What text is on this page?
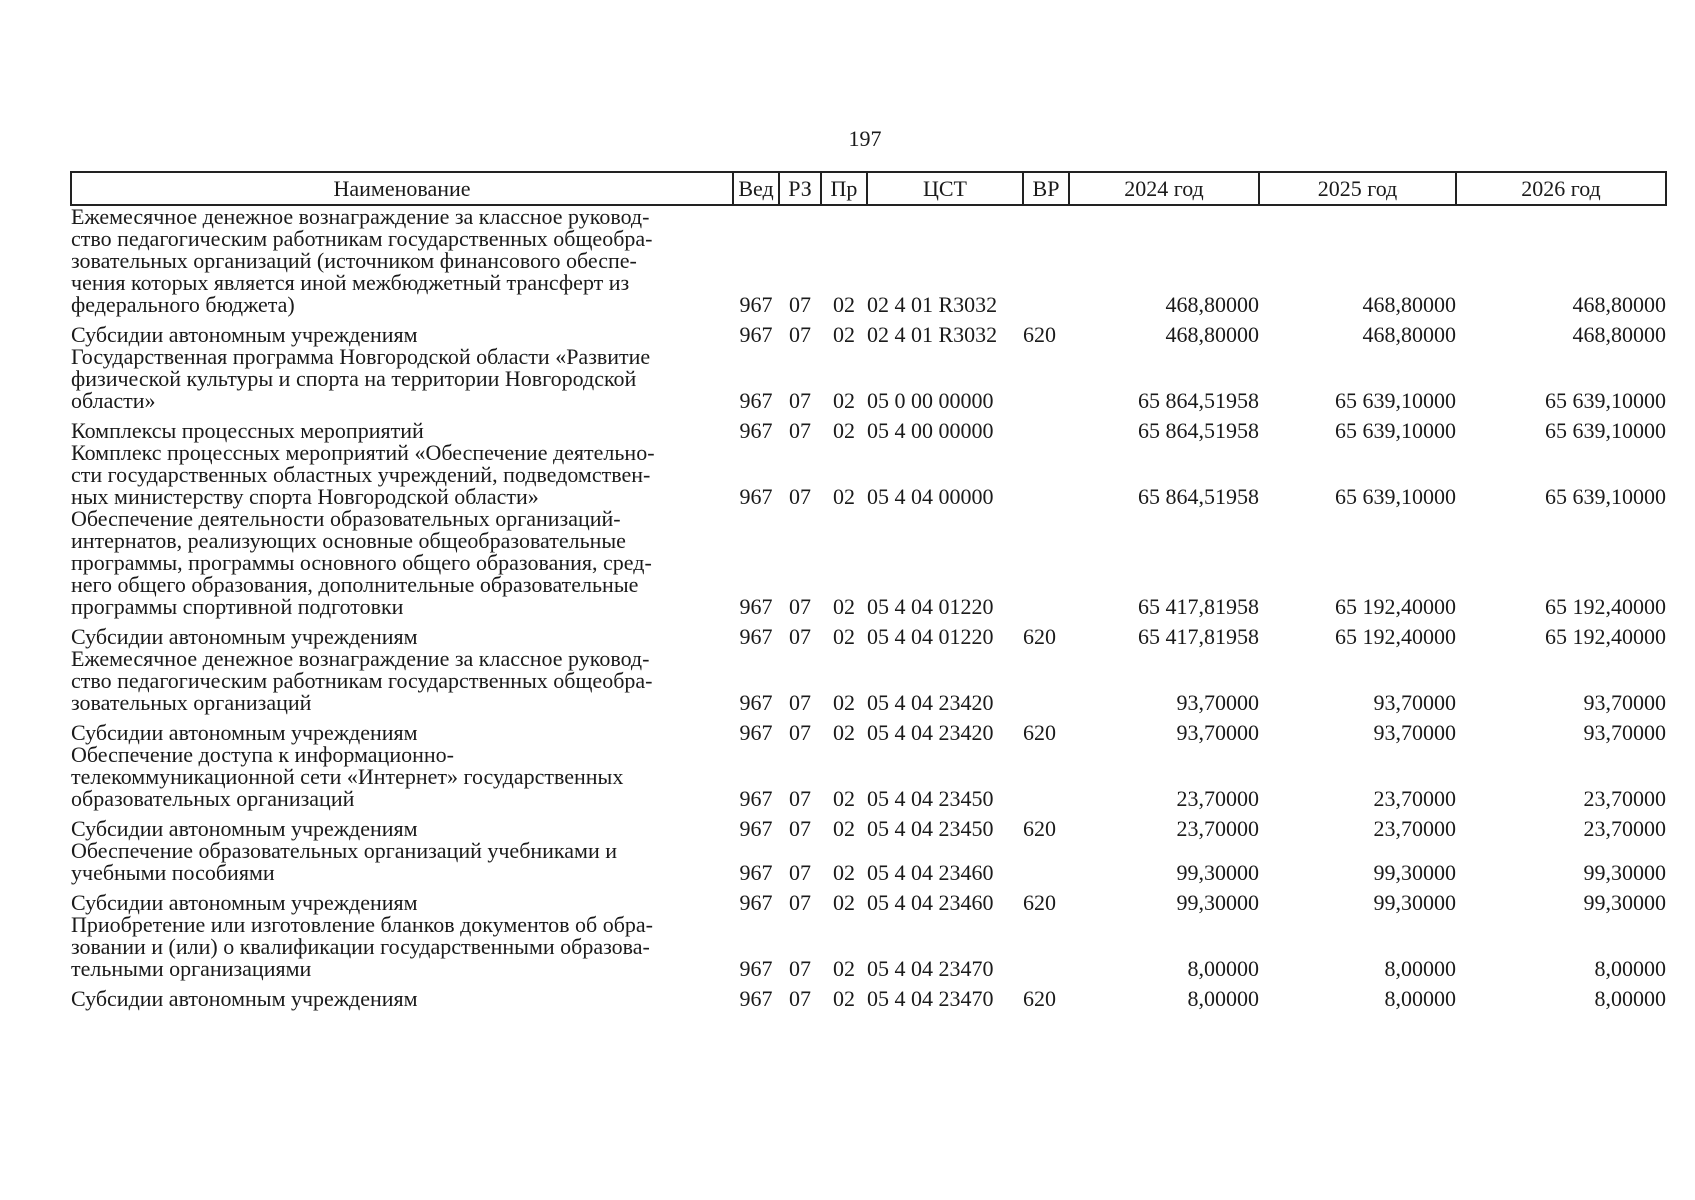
197
Наименование	Вед	РЗ	Пр	ЦСТ	ВР	2024 год	2025 год	2026 год

Ежемесячное денежное вознаграждение за классное руковод-
ство педагогическим работникам государственных общеобра-
зовательных организаций (источником финансового обеспе-
чения которых является иной межбюджетный трансферт из
федерального бюджета)	967	07	02	02 4 01 R3032		468,80000	468,80000	468,80000

Субсидии автономным учреждениям	967	07	02	02 4 01 R3032	620	468,80000	468,80000	468,80000

Государственная программа Новгородской области «Развитие
физической культуры и спорта на территории Новгородской
области»	967	07	02	05 0 00 00000		65 864,51958	65 639,10000	65 639,10000

Комплексы процессных мероприятий	967	07	02	05 4 00 00000		65 864,51958	65 639,10000	65 639,10000

Комплекс процессных мероприятий «Обеспечение деятельно-
сти государственных областных учреждений, подведомствен-
ных министерству спорта Новгородской области»	967	07	02	05 4 04 00000		65 864,51958	65 639,10000	65 639,10000

Обеспечение деятельности образовательных организаций-
интернатов, реализующих основные общеобразовательные
программы, программы основного общего образования, сред-
него общего образования, дополнительные образовательные
программы спортивной подготовки	967	07	02	05 4 04 01220		65 417,81958	65 192,40000	65 192,40000

Субсидии автономным учреждениям	967	07	02	05 4 04 01220	620	65 417,81958	65 192,40000	65 192,40000

Ежемесячное денежное вознаграждение за классное руковод-
ство педагогическим работникам государственных общеобра-
зовательных организаций	967	07	02	05 4 04 23420		93,70000	93,70000	93,70000

Субсидии автономным учреждениям	967	07	02	05 4 04 23420	620	93,70000	93,70000	93,70000

Обеспечение доступа к информационно-
телекоммуникационной сети «Интернет» государственных
образовательных организаций	967	07	02	05 4 04 23450		23,70000	23,70000	23,70000

Субсидии автономным учреждениям	967	07	02	05 4 04 23450	620	23,70000	23,70000	23,70000

Обеспечение образовательных организаций учебниками и
учебными пособиями	967	07	02	05 4 04 23460		99,30000	99,30000	99,30000

Субсидии автономным учреждениям	967	07	02	05 4 04 23460	620	99,30000	99,30000	99,30000

Приобретение или изготовление бланков документов об обра-
зовании и (или) о квалификации государственными образова-
тельными организациями	967	07	02	05 4 04 23470		8,00000	8,00000	8,00000

Субсидии автономным учреждениям	967	07	02	05 4 04 23470	620	8,00000	8,00000	8,00000
